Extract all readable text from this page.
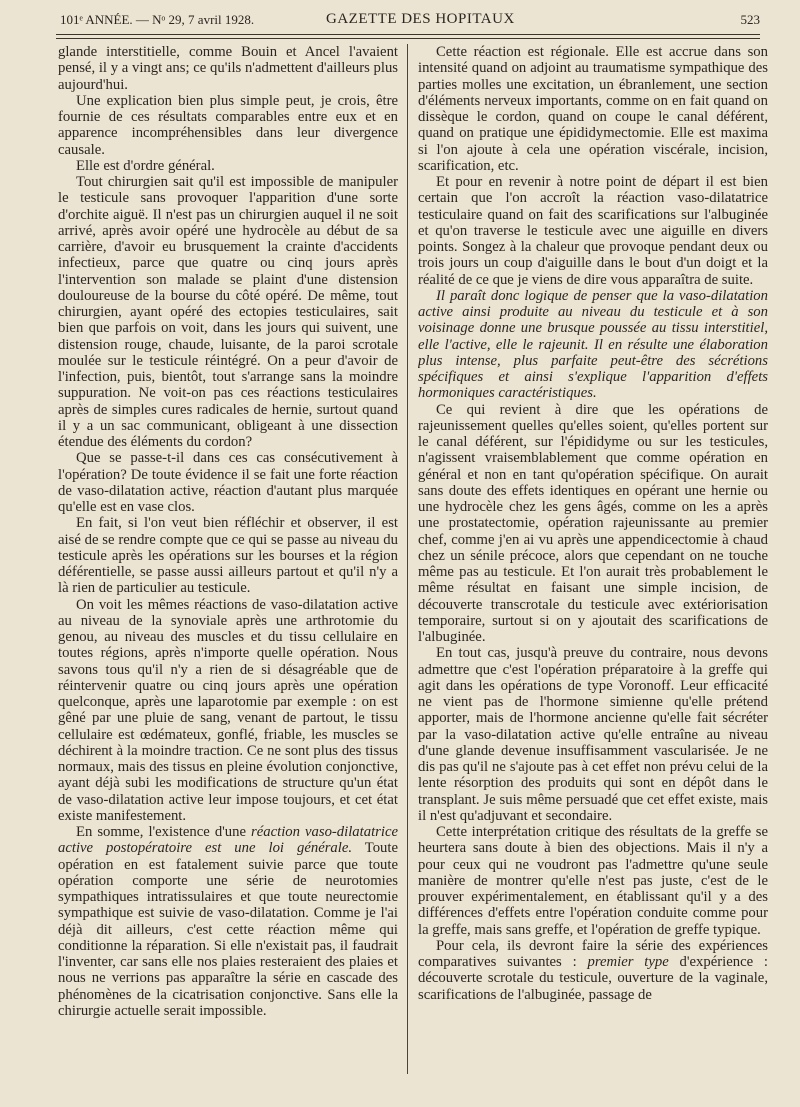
101ᵉ ANNÉE. — Nᵒ 29, 7 avril 1928.	GAZETTE DES HOPITAUX	523

glande interstitielle, comme Bouin et Ancel l'avaient pensé, il y a vingt ans; ce qu'ils n'admettent d'ailleurs plus aujourd'hui.

Une explication bien plus simple peut, je crois, être fournie de ces résultats comparables entre eux et en apparence incompréhensibles dans leur divergence causale.

Elle est d'ordre général.

Tout chirurgien sait qu'il est impossible de manipuler le testicule sans provoquer l'apparition d'une sorte d'orchite aiguë. Il n'est pas un chirurgien auquel il ne soit arrivé, après avoir opéré une hydrocèle au début de sa carrière, d'avoir eu brusquement la crainte d'accidents infectieux, parce que quatre ou cinq jours après l'intervention son malade se plaint d'une distension douloureuse de la bourse du côté opéré. De même, tout chirurgien, ayant opéré des ectopies testiculaires, sait bien que parfois on voit, dans les jours qui suivent, une distension rouge, chaude, luisante, de la paroi scrotale moulée sur le testicule réintégré. On a peur d'avoir de l'infection, puis, bientôt, tout s'arrange sans la moindre suppuration. Ne voit-on pas ces réactions testiculaires après de simples cures radicales de hernie, surtout quand il y a un sac communicant, obligeant à une dissection étendue des éléments du cordon?

Que se passe-t-il dans ces cas consécutivement à l'opération? De toute évidence il se fait une forte réaction de vaso-dilatation active, réaction d'autant plus marquée qu'elle est en vase clos.

En fait, si l'on veut bien réfléchir et observer, il est aisé de se rendre compte que ce qui se passe au niveau du testicule après les opérations sur les bourses et la région déférentielle, se passe aussi ailleurs partout et qu'il n'y a là rien de particulier au testicule.

On voit les mêmes réactions de vaso-dilatation active au niveau de la synoviale après une arthrotomie du genou, au niveau des muscles et du tissu cellulaire en toutes régions, après n'importe quelle opération. Nous savons tous qu'il n'y a rien de si désagréable que de réintervenir quatre ou cinq jours après une opération quelconque, après une laparotomie par exemple : on est gêné par une pluie de sang, venant de partout, le tissu cellulaire est œdémateux, gonflé, friable, les muscles se déchirent à la moindre traction. Ce ne sont plus des tissus normaux, mais des tissus en pleine évolution conjonctive, ayant déjà subi les modifications de structure qu'un état de vaso-dilatation active leur impose toujours, et cet état existe manifestement.

En somme, l'existence d'une réaction vaso-dilatatrice active postopératoire est une loi générale. Toute opération en est fatalement suivie parce que toute opération comporte une série de neurotomies sympathiques intratissulaires et que toute neurectomie sympathique est suivie de vaso-dilatation. Comme je l'ai déjà dit ailleurs, c'est cette réaction même qui conditionne la réparation. Si elle n'existait pas, il faudrait l'inventer, car sans elle nos plaies resteraient des plaies et nous ne verrions pas apparaître la série en cascade des phénomènes de la cicatrisation conjonctive. Sans elle la chirurgie actuelle serait impossible.

Cette réaction est régionale. Elle est accrue dans son intensité quand on adjoint au traumatisme sympathique des parties molles une excitation, un ébranlement, une section d'éléments nerveux importants, comme on en fait quand on dissèque le cordon, quand on coupe le canal déférent, quand on pratique une épididymectomie. Elle est maxima si l'on ajoute à cela une opération viscérale, incision, scarification, etc.

Et pour en revenir à notre point de départ il est bien certain que l'on accroît la réaction vaso-dilatatrice testiculaire quand on fait des scarifications sur l'albuginée et qu'on traverse le testicule avec une aiguille en divers points. Songez à la chaleur que provoque pendant deux ou trois jours un coup d'aiguille dans le bout d'un doigt et la réalité de ce que je viens de dire vous apparaîtra de suite.

Il paraît donc logique de penser que la vaso-dilatation active ainsi produite au niveau du testicule et à son voisinage donne une brusque poussée au tissu interstitiel, elle l'active, elle le rajeunit. Il en résulte une élaboration plus intense, plus parfaite peut-être des sécrétions spécifiques et ainsi s'explique l'apparition d'effets hormoniques caractéristiques.

Ce qui revient à dire que les opérations de rajeunissement quelles qu'elles soient, qu'elles portent sur le canal déférent, sur l'épididyme ou sur les testicules, n'agissent vraisemblablement que comme opération en général et non en tant qu'opération spécifique. On aurait sans doute des effets identiques en opérant une hernie ou une hydrocèle chez les gens âgés, comme on les a après une prostatectomie, opération rajeunissante au premier chef, comme j'en ai vu après une appendicectomie à chaud chez un sénile précoce, alors que cependant on ne touche même pas au testicule. Et l'on aurait très probablement le même résultat en faisant une simple incision, de découverte transcrotale du testicule avec extériorisation temporaire, surtout si on y ajoutait des scarifications de l'albuginée.

En tout cas, jusqu'à preuve du contraire, nous devons admettre que c'est l'opération préparatoire à la greffe qui agit dans les opérations de type Voronoff. Leur efficacité ne vient pas de l'hormone simienne qu'elle prétend apporter, mais de l'hormone ancienne qu'elle fait sécréter par la vaso-dilatation active qu'elle entraîne au niveau d'une glande devenue insuffisamment vascularisée. Je ne dis pas qu'il ne s'ajoute pas à cet effet non prévu celui de la lente résorption des produits qui sont en dépôt dans le transplant. Je suis même persuadé que cet effet existe, mais il n'est qu'adjuvant et secondaire.

Cette interprétation critique des résultats de la greffe se heurtera sans doute à bien des objections. Mais il n'y a pour ceux qui ne voudront pas l'admettre qu'une seule manière de montrer qu'elle n'est pas juste, c'est de le prouver expérimentalement, en établissant qu'il y a des différences d'effets entre l'opération conduite comme pour la greffe, mais sans greffe, et l'opération de greffe typique.

Pour cela, ils devront faire la série des expériences comparatives suivantes : premier type d'expérience : découverte scrotale du testicule, ouverture de la vaginale, scarifications de l'albuginée, passage de
